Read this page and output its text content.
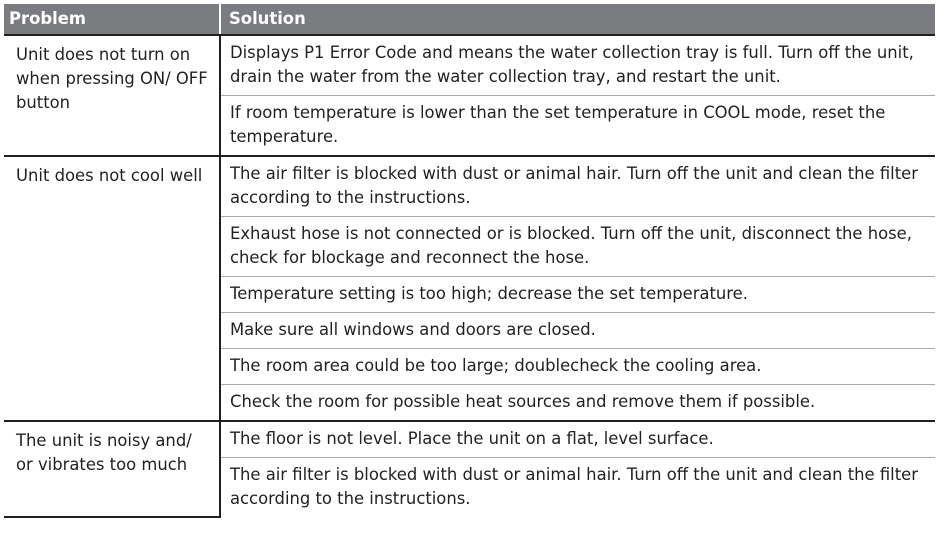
Problem	Solution
Unit does not turn on when pressing ON/ OFF button	Displays P1 Error Code and means the water collection tray is full. Turn off the unit, drain the water from the water collection tray, and restart the unit.
	If room temperature is lower than the set temperature in COOL mode, reset the temperature.
Unit does not cool well	The air filter is blocked with dust or animal hair. Turn off the unit and clean the filter according to the instructions.
	Exhaust hose is not connected or is blocked. Turn off the unit, disconnect the hose, check for blockage and reconnect the hose.
	Temperature setting is too high; decrease the set temperature.
	Make sure all windows and doors are closed.
	The room area could be too large; doublecheck the cooling area.
	Check the room for possible heat sources and remove them if possible.
The unit is noisy and/ or vibrates too much	The floor is not level. Place the unit on a flat, level surface.
	The air filter is blocked with dust or animal hair. Turn off the unit and clean the filter according to the instructions.
